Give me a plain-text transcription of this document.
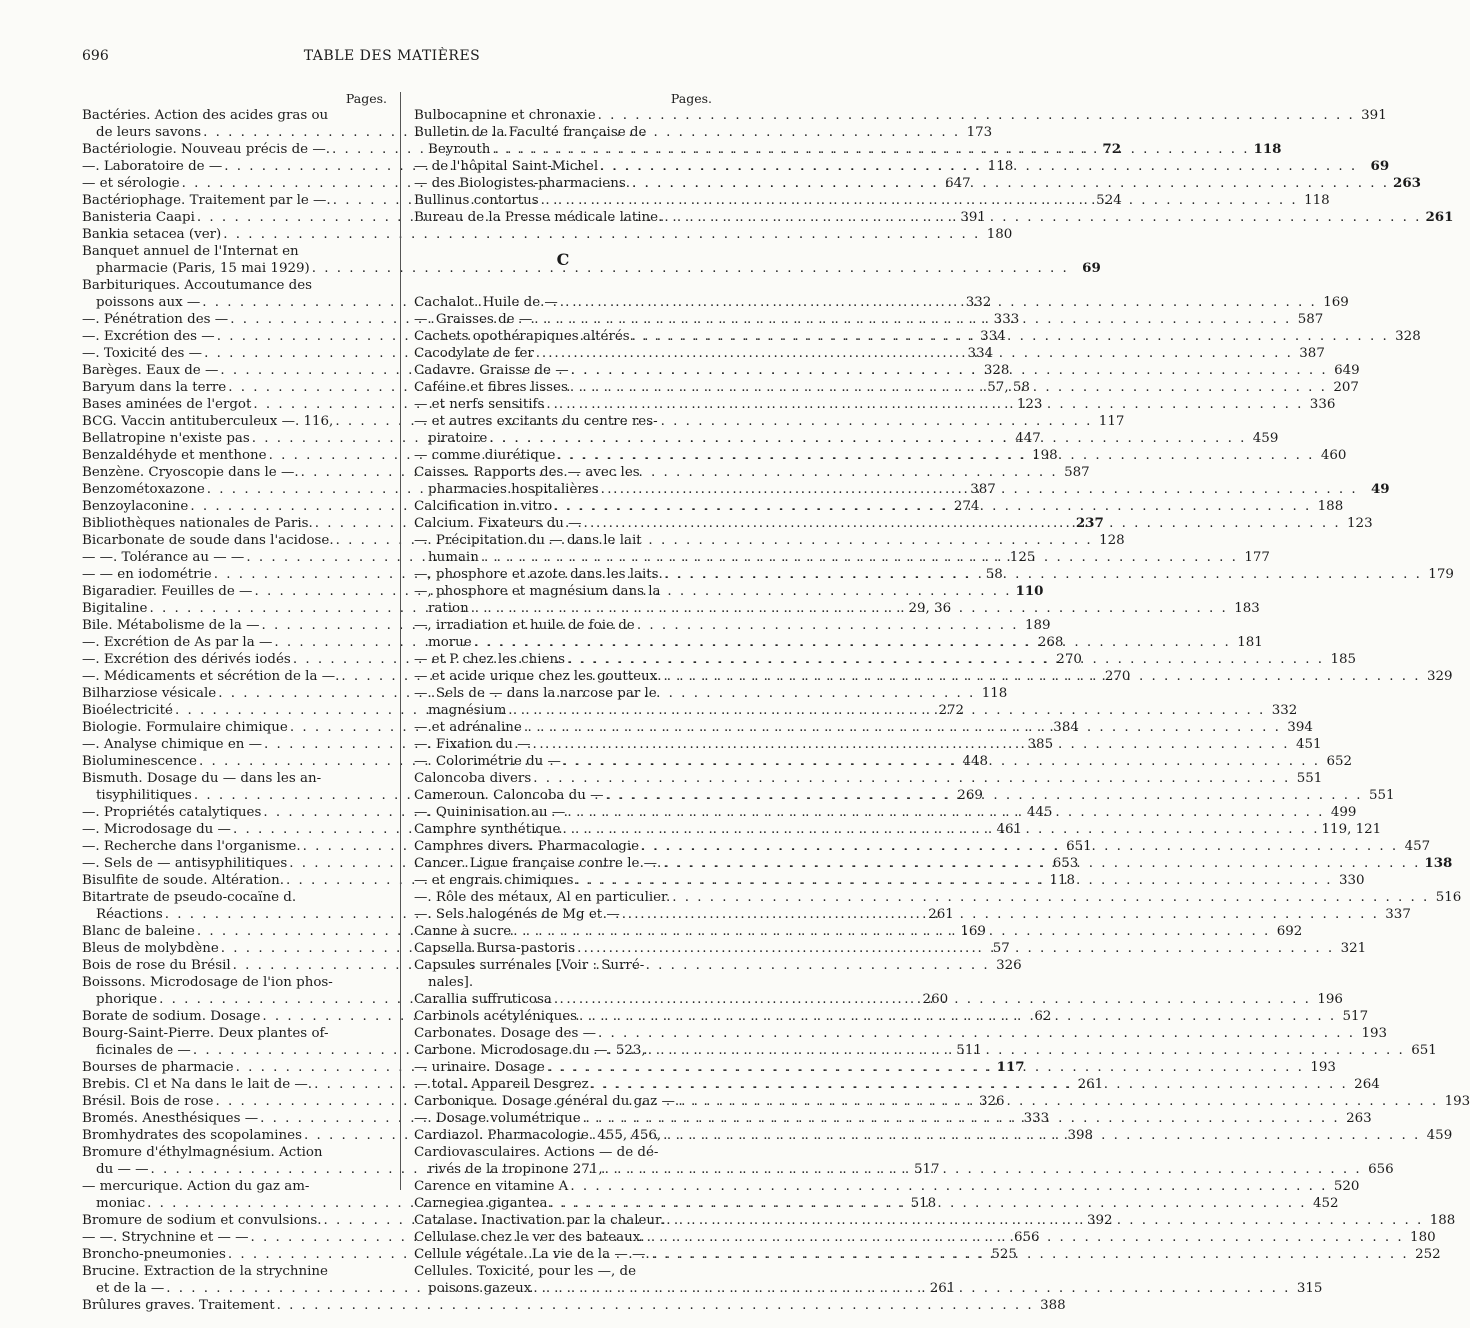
696	TABLE DES MATIÈRES
Pages.
Bactéries. Action des acides gras ou
de leurs savons . . .	173
Bactériologie. Nouveau précis de —. . . .	72
—. Laboratoire de — . . .	118
— et sérologie . . .	647
Bactériophage. Traitement par le —. . . .	524
Banisteria Caapi . . .	391
Bankia setacea (ver) . . .	180
Banquet annuel de l'Internat en
pharmacie (Paris, 15 mai 1929) . . .	69
Barbituriques. Accoutumance des
poissons aux — . . .	332
—. Pénétration des — . . .	333
—. Excrétion des — . . .	334
—. Toxicité des — . . .	334
Barèges. Eaux de — . . .	328
Baryum dans la terre . . .	57, 58
Bases aminées de l'ergot . . .	123
BCG. Vaccin antituberculeux —. 116, . . .	117
Bellatropine n'existe pas . . .	447
Benzaldéhyde et menthone . . .	198
Benzène. Cryoscopie dans le —. . . .	587
Benzométoxazone . . .	387
Benzoylaconine . . .	274
Bibliothèques nationales de Paris. . . .	237
Bicarbonate de soude dans l'acidose. . . .	128
— —. Tolérance au — — . . .	125
— — en iodométrie . . .	58
Bigaradier. Feuilles de — . . .	110
Bigitaline . . .	29, 36
Bile. Métabolisme de la — . . .	189
—. Excrétion de As par la — . . .	268
—. Excrétion des dérivés iodés . . .	270
—. Médicaments et sécrétion de la —. . . .	270
Bilharziose vésicale . . .	118
Bioélectricité . . .	272
Biologie. Formulaire chimique . . .	384
—. Analyse chimique en — . . .	385
Bioluminescence . . .	448
Bismuth. Dosage du — dans les an-
tisyphilitiques . . .	269
—. Propriétés catalytiques . . .	445
—. Microdosage du — . . .	461
—. Recherche dans l'organisme. . . .	651
—. Sels de — antisyphilitiques . . .	653
Bisulfite de soude. Altération. . . .	118
Bitartrate de pseudo-cocaïne d.
Réactions . . .	261
Blanc de baleine . . .	169
Bleus de molybdène . . .	57
Bois de rose du Brésil . . .	326
Boissons. Microdosage de l'ion phos-
phorique . . .	260
Borate de sodium. Dosage . . .	62
Bourg-Saint-Pierre. Deux plantes of-
ficinales de — . . .	511
Bourses de pharmacie . . .	117
Brebis. Cl et Na dans le lait de —. . . .	261
Brésil. Bois de rose . . .	326
Bromés. Anesthésiques — . . .	333
Bromhydrates des scopolamines . . .	398
Bromure d'éthylmagnésium. Action
du — — . . .	517
— mercurique. Action du gaz am-
moniac . . .	518
Bromure de sodium et convulsions. . . .	392
— —. Strychnine et — — . . .	656
Broncho-pneumonies . . .	525
Brucine. Extraction de la strychnine
et de la — . . .	261
Brûlures graves. Traitement . . .	388
Pages.
Bulbocapnine et chronaxie . . .	391
Bulletin de la Faculté française de
Beyrouth . . .	118
— de l'hôpital Saint-Michel . . .	69
— des Biologistes-pharmaciens. . . .	263
Bullinus contortus . . .	118
Bureau de la Presse médicale latine. . . .	261
C
Cachalot. Huile de — . . .	169
—. Graisses de — . . .	587
Cachets opothérapiques altérés . . .	328
Cacodylate de fer . . .	387
Cadavre. Graisse de — . . .	649
Caféine et fibres lisses . . .	207
— et nerfs sensitifs . . .	336
— et autres excitants du centre res-
piratoire . . .	459
— comme diurétique . . .	460
Caisses. Rapports des — avec les
pharmacies hospitalières . . .	49
Calcification in vitro . . .	188
Calcium. Fixateurs du — . . .	123
—. Précipitation du — dans le lait
humain . . .	177
—, phosphore et azote dans les laits. . . .	179
—, phosphore et magnésium dans la
ration . . .	183
—, irradiation et huile de foie de
morue . . .	181
— et P chez les chiens . . .	185
— et acide urique chez les goutteux. . . .	329
—. Sels de — dans la narcose par le
magnésium . . .	332
— et adrénaline . . .	394
—. Fixation du — . . .	451
—. Colorimétrie du — . . .	652
Caloncoba divers . . .	551
Cameroun. Caloncoba du — . . .	551
—. Quininisation au — . . .	499
Camphre synthétique . . .	119, 121
Camphres divers. Pharmacologie . . .	457
Cancer. Ligue française contre le —. . . .	138
— et engrais chimiques . . .	330
—. Rôle des métaux, Al en particulier. . . .	516
—. Sels halogénés de Mg et — . . .	337
Canne à sucre . . .	692
Capsella Bursa-pastoris . . .	321
Capsules surrénales [Voir : Surré-
nales].
Carallia suffruticosa . . .	196
Carbinols acétyléniques . . .	517
Carbonates. Dosage des — . . .	193
Carbone. Microdosage du —. 523, . . .	651
— urinaire. Dosage . . .	193
— total. Appareil Desgrez . . .	264
Carbonique. Dosage général du gaz —. . . .	193
—. Dosage volumétrique . . .	263
Cardiazol. Pharmacologie. 455, 456, . . .	459
Cardiovasculaires. Actions — de dé-
rivés de la tropinone 271, . . .	656
Carence en vitamine A . . .	520
Carnegiea gigantea . . .	452
Catalase. Inactivation par la chaleur. . . .	188
Cellulase chez le ver des bateaux. . . .	180
Cellule végétale. La vie de la — —. . . .	252
Cellules. Toxicité, pour les —, de
poisons gazeux . . .	315
